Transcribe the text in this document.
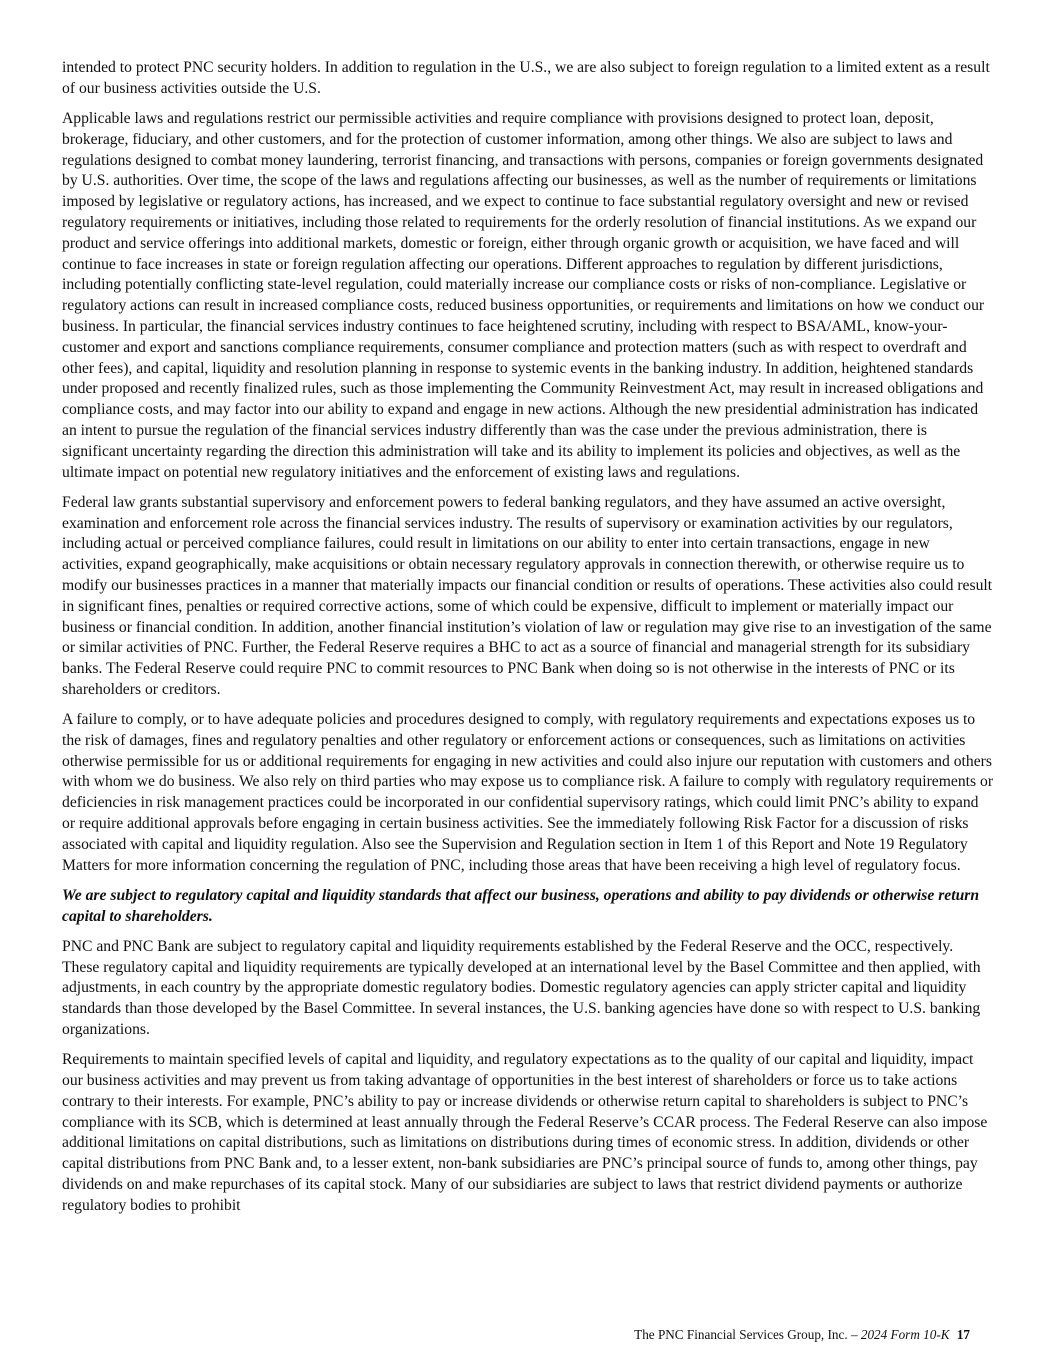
intended to protect PNC security holders. In addition to regulation in the U.S., we are also subject to foreign regulation to a limited extent as a result of our business activities outside the U.S.

Applicable laws and regulations restrict our permissible activities and require compliance with provisions designed to protect loan, deposit, brokerage, fiduciary, and other customers, and for the protection of customer information, among other things. We also are subject to laws and regulations designed to combat money laundering, terrorist financing, and transactions with persons, companies or foreign governments designated by U.S. authorities. Over time, the scope of the laws and regulations affecting our businesses, as well as the number of requirements or limitations imposed by legislative or regulatory actions, has increased, and we expect to continue to face substantial regulatory oversight and new or revised regulatory requirements or initiatives, including those related to requirements for the orderly resolution of financial institutions. As we expand our product and service offerings into additional markets, domestic or foreign, either through organic growth or acquisition, we have faced and will continue to face increases in state or foreign regulation affecting our operations. Different approaches to regulation by different jurisdictions, including potentially conflicting state-level regulation, could materially increase our compliance costs or risks of non-compliance. Legislative or regulatory actions can result in increased compliance costs, reduced business opportunities, or requirements and limitations on how we conduct our business. In particular, the financial services industry continues to face heightened scrutiny, including with respect to BSA/AML, know-your-customer and export and sanctions compliance requirements, consumer compliance and protection matters (such as with respect to overdraft and other fees), and capital, liquidity and resolution planning in response to systemic events in the banking industry. In addition, heightened standards under proposed and recently finalized rules, such as those implementing the Community Reinvestment Act, may result in increased obligations and compliance costs, and may factor into our ability to expand and engage in new actions. Although the new presidential administration has indicated an intent to pursue the regulation of the financial services industry differently than was the case under the previous administration, there is significant uncertainty regarding the direction this administration will take and its ability to implement its policies and objectives, as well as the ultimate impact on potential new regulatory initiatives and the enforcement of existing laws and regulations.

Federal law grants substantial supervisory and enforcement powers to federal banking regulators, and they have assumed an active oversight, examination and enforcement role across the financial services industry. The results of supervisory or examination activities by our regulators, including actual or perceived compliance failures, could result in limitations on our ability to enter into certain transactions, engage in new activities, expand geographically, make acquisitions or obtain necessary regulatory approvals in connection therewith, or otherwise require us to modify our businesses practices in a manner that materially impacts our financial condition or results of operations. These activities also could result in significant fines, penalties or required corrective actions, some of which could be expensive, difficult to implement or materially impact our business or financial condition. In addition, another financial institution’s violation of law or regulation may give rise to an investigation of the same or similar activities of PNC. Further, the Federal Reserve requires a BHC to act as a source of financial and managerial strength for its subsidiary banks. The Federal Reserve could require PNC to commit resources to PNC Bank when doing so is not otherwise in the interests of PNC or its shareholders or creditors.

A failure to comply, or to have adequate policies and procedures designed to comply, with regulatory requirements and expectations exposes us to the risk of damages, fines and regulatory penalties and other regulatory or enforcement actions or consequences, such as limitations on activities otherwise permissible for us or additional requirements for engaging in new activities and could also injure our reputation with customers and others with whom we do business. We also rely on third parties who may expose us to compliance risk. A failure to comply with regulatory requirements or deficiencies in risk management practices could be incorporated in our confidential supervisory ratings, which could limit PNC’s ability to expand or require additional approvals before engaging in certain business activities. See the immediately following Risk Factor for a discussion of risks associated with capital and liquidity regulation. Also see the Supervision and Regulation section in Item 1 of this Report and Note 19 Regulatory Matters for more information concerning the regulation of PNC, including those areas that have been receiving a high level of regulatory focus.

We are subject to regulatory capital and liquidity standards that affect our business, operations and ability to pay dividends or otherwise return capital to shareholders.

PNC and PNC Bank are subject to regulatory capital and liquidity requirements established by the Federal Reserve and the OCC, respectively. These regulatory capital and liquidity requirements are typically developed at an international level by the Basel Committee and then applied, with adjustments, in each country by the appropriate domestic regulatory bodies. Domestic regulatory agencies can apply stricter capital and liquidity standards than those developed by the Basel Committee. In several instances, the U.S. banking agencies have done so with respect to U.S. banking organizations.

Requirements to maintain specified levels of capital and liquidity, and regulatory expectations as to the quality of our capital and liquidity, impact our business activities and may prevent us from taking advantage of opportunities in the best interest of shareholders or force us to take actions contrary to their interests. For example, PNC’s ability to pay or increase dividends or otherwise return capital to shareholders is subject to PNC’s compliance with its SCB, which is determined at least annually through the Federal Reserve’s CCAR process. The Federal Reserve can also impose additional limitations on capital distributions, such as limitations on distributions during times of economic stress. In addition, dividends or other capital distributions from PNC Bank and, to a lesser extent, non-bank subsidiaries are PNC’s principal source of funds to, among other things, pay dividends on and make repurchases of its capital stock. Many of our subsidiaries are subject to laws that restrict dividend payments or authorize regulatory bodies to prohibit

The PNC Financial Services Group, Inc. – 2024 Form 10-K 17
